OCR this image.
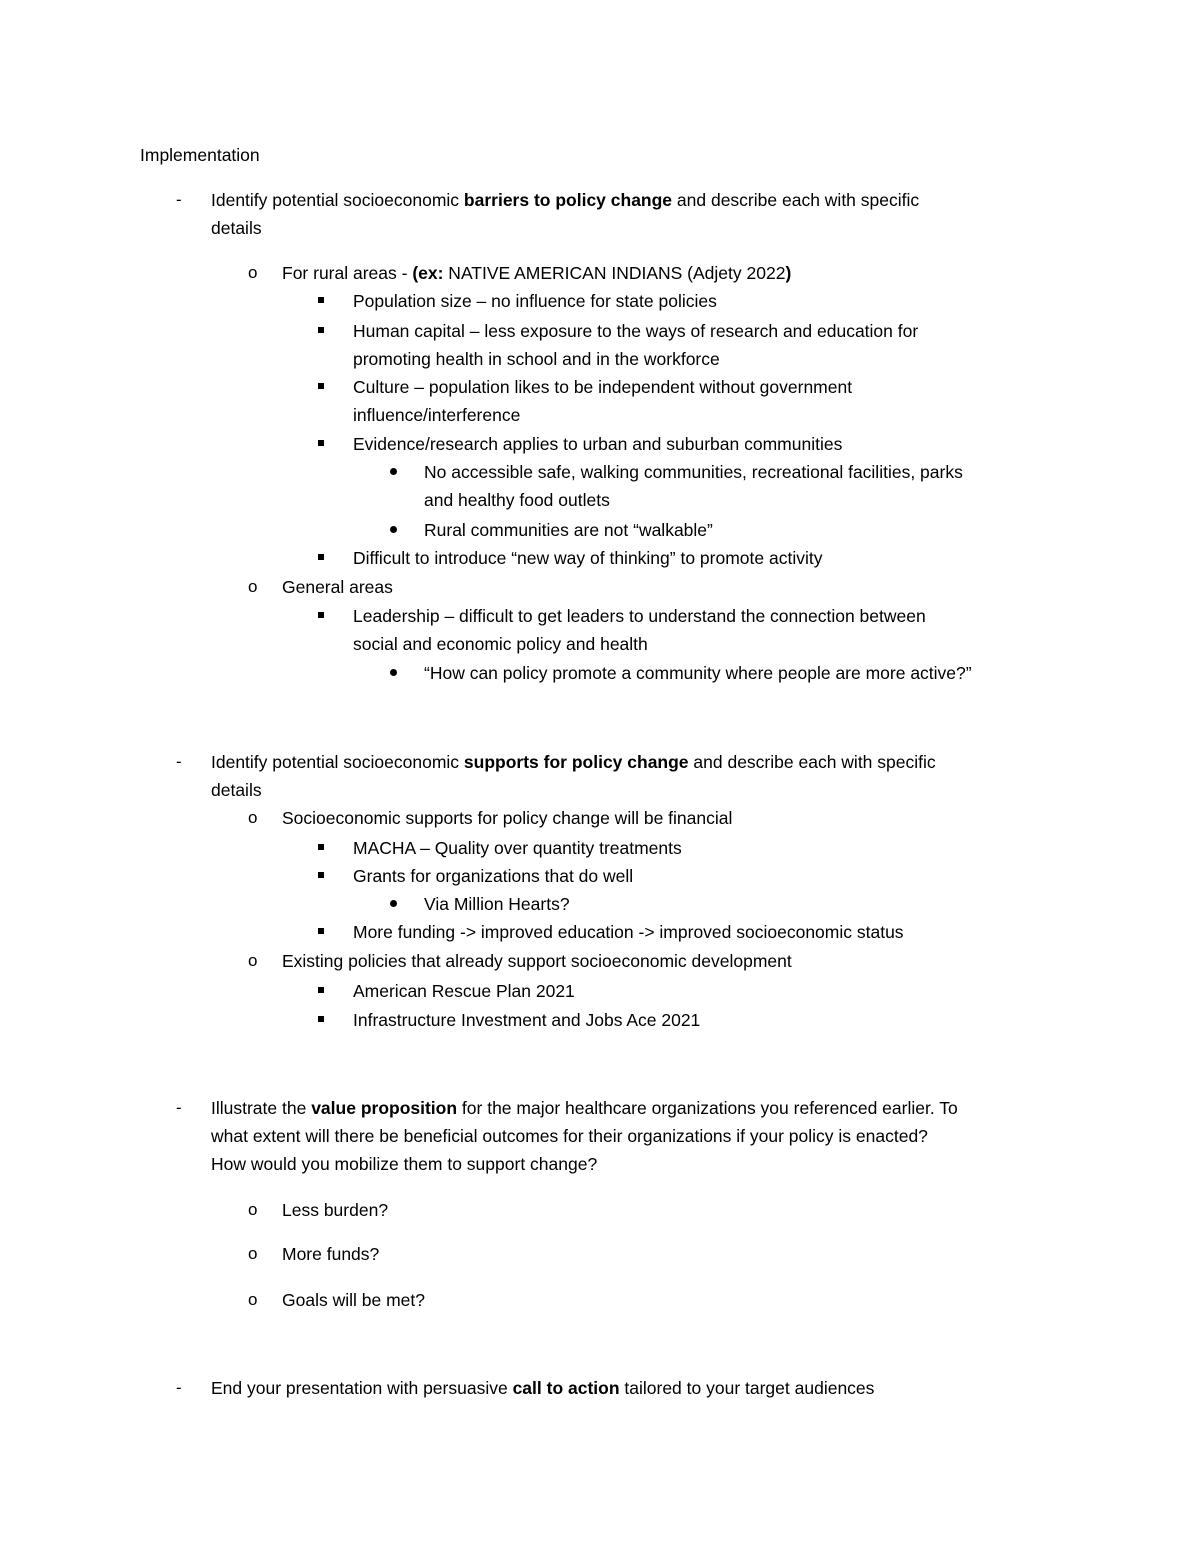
Implementation
- Identify potential socioeconomic barriers to policy change and describe each with specific
details
o For rural areas - (ex: NATIVE AMERICAN INDIANS (Adjety 2022)
Population size – no influence for state policies
Human capital – less exposure to the ways of research and education for
promoting health in school and in the workforce
Culture – population likes to be independent without government
influence/interference
Evidence/research applies to urban and suburban communities
No accessible safe, walking communities, recreational facilities, parks
and healthy food outlets
Rural communities are not “walkable”
Difficult to introduce “new way of thinking” to promote activity
o General areas
Leadership – difficult to get leaders to understand the connection between
social and economic policy and health
“How can policy promote a community where people are more active?”
- Identify potential socioeconomic supports for policy change and describe each with specific
details
o Socioeconomic supports for policy change will be financial
MACHA – Quality over quantity treatments
Grants for organizations that do well
Via Million Hearts?
More funding -> improved education -> improved socioeconomic status
o Existing policies that already support socioeconomic development
American Rescue Plan 2021
Infrastructure Investment and Jobs Ace 2021
- Illustrate the value proposition for the major healthcare organizations you referenced earlier. To
what extent will there be beneficial outcomes for their organizations if your policy is enacted?
How would you mobilize them to support change?
o Less burden?
o More funds?
o Goals will be met?
- End your presentation with persuasive call to action tailored to your target audiences
